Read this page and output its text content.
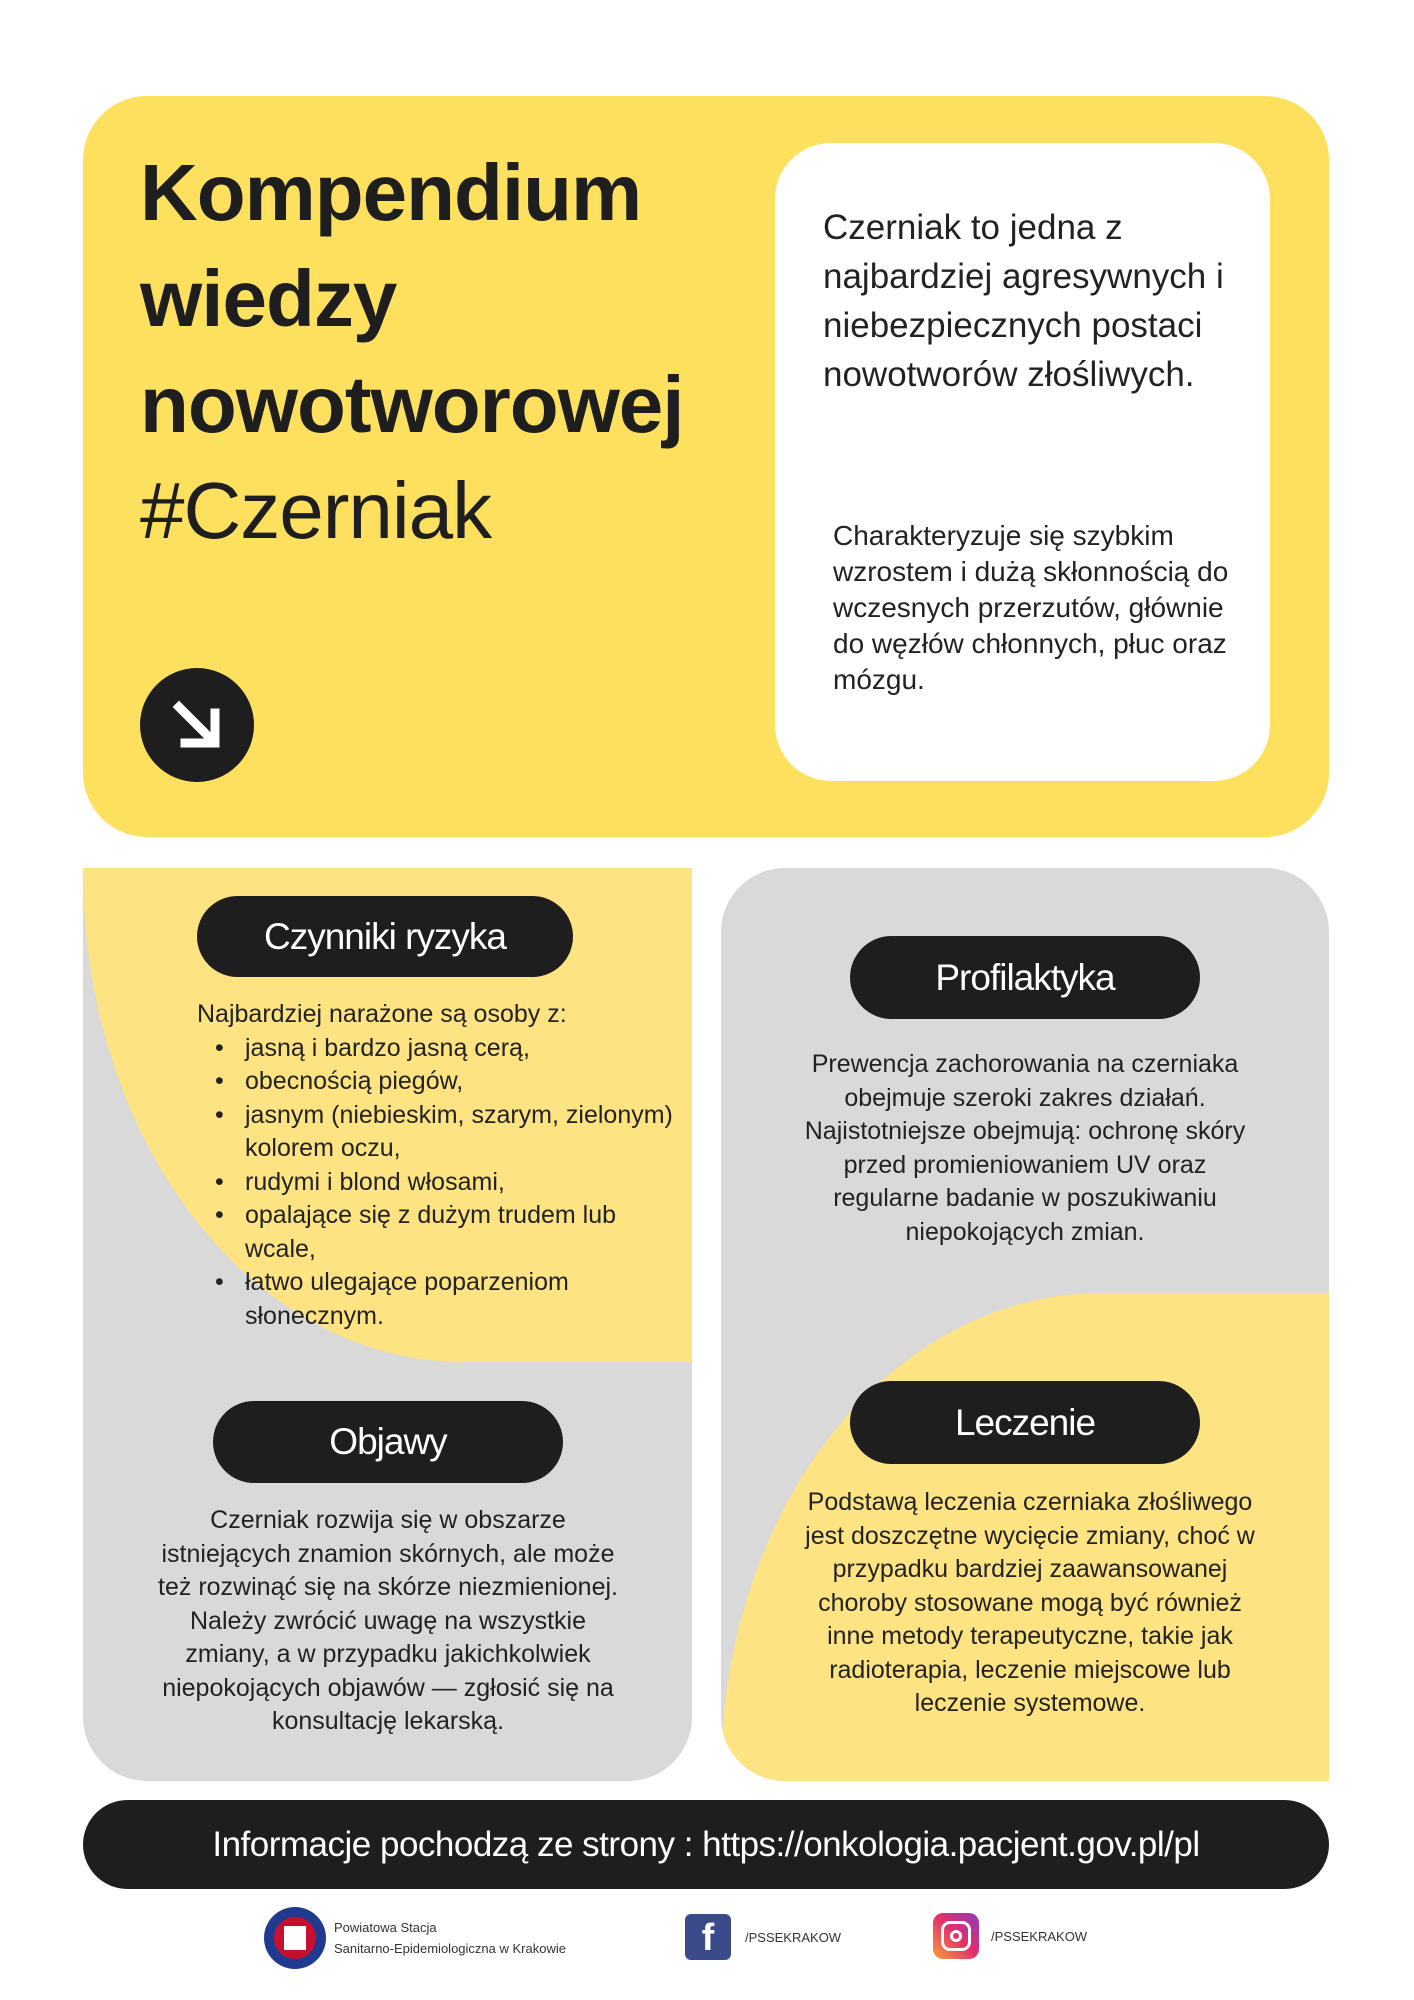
Kompendium
wiedzy
nowotworowej
#Czerniak
Czerniak to jedna z najbardziej agresywnych i niebezpiecznych postaci nowotworów złośliwych.
Charakteryzuje się szybkim wzrostem i dużą skłonnością do wczesnych przerzutów, głównie do węzłów chłonnych, płuc oraz mózgu.
Czynniki ryzyka
Najbardziej narażone są osoby z:
• jasną i bardzo jasną cerą,
• obecnością piegów,
• jasnym (niebieskim, szarym, zielonym) kolorem oczu,
• rudymi i blond włosami,
• opalające się z dużym trudem lub wcale,
• łatwo ulegające poparzeniom słonecznym.
Objawy
Czerniak rozwija się w obszarze istniejących znamion skórnych, ale może też rozwinąć się na skórze niezmienionej. Należy zwrócić uwagę na wszystkie zmiany, a w przypadku jakichkolwiek niepokojących objawów — zgłosić się na konsultację lekarską.
Profilaktyka
Prewencja zachorowania na czerniaka obejmuje szeroki zakres działań. Najistotniejsze obejmują: ochronę skóry przed promieniowaniem UV oraz regularne badanie w poszukiwaniu niepokojących zmian.
Leczenie
Podstawą leczenia czerniaka złośliwego jest doszczętne wycięcie zmiany, choć w przypadku bardziej zaawansowanej choroby stosowane mogą być również inne metody terapeutyczne, takie jak radioterapia, leczenie miejscowe lub leczenie systemowe.
Informacje pochodzą ze strony : https://onkologia.pacjent.gov.pl/pl
Powiatowa Stacja
Sanitarno-Epidemiologiczna w Krakowie	f	/PSSEKRAKOW	/PSSEKRAKOW
